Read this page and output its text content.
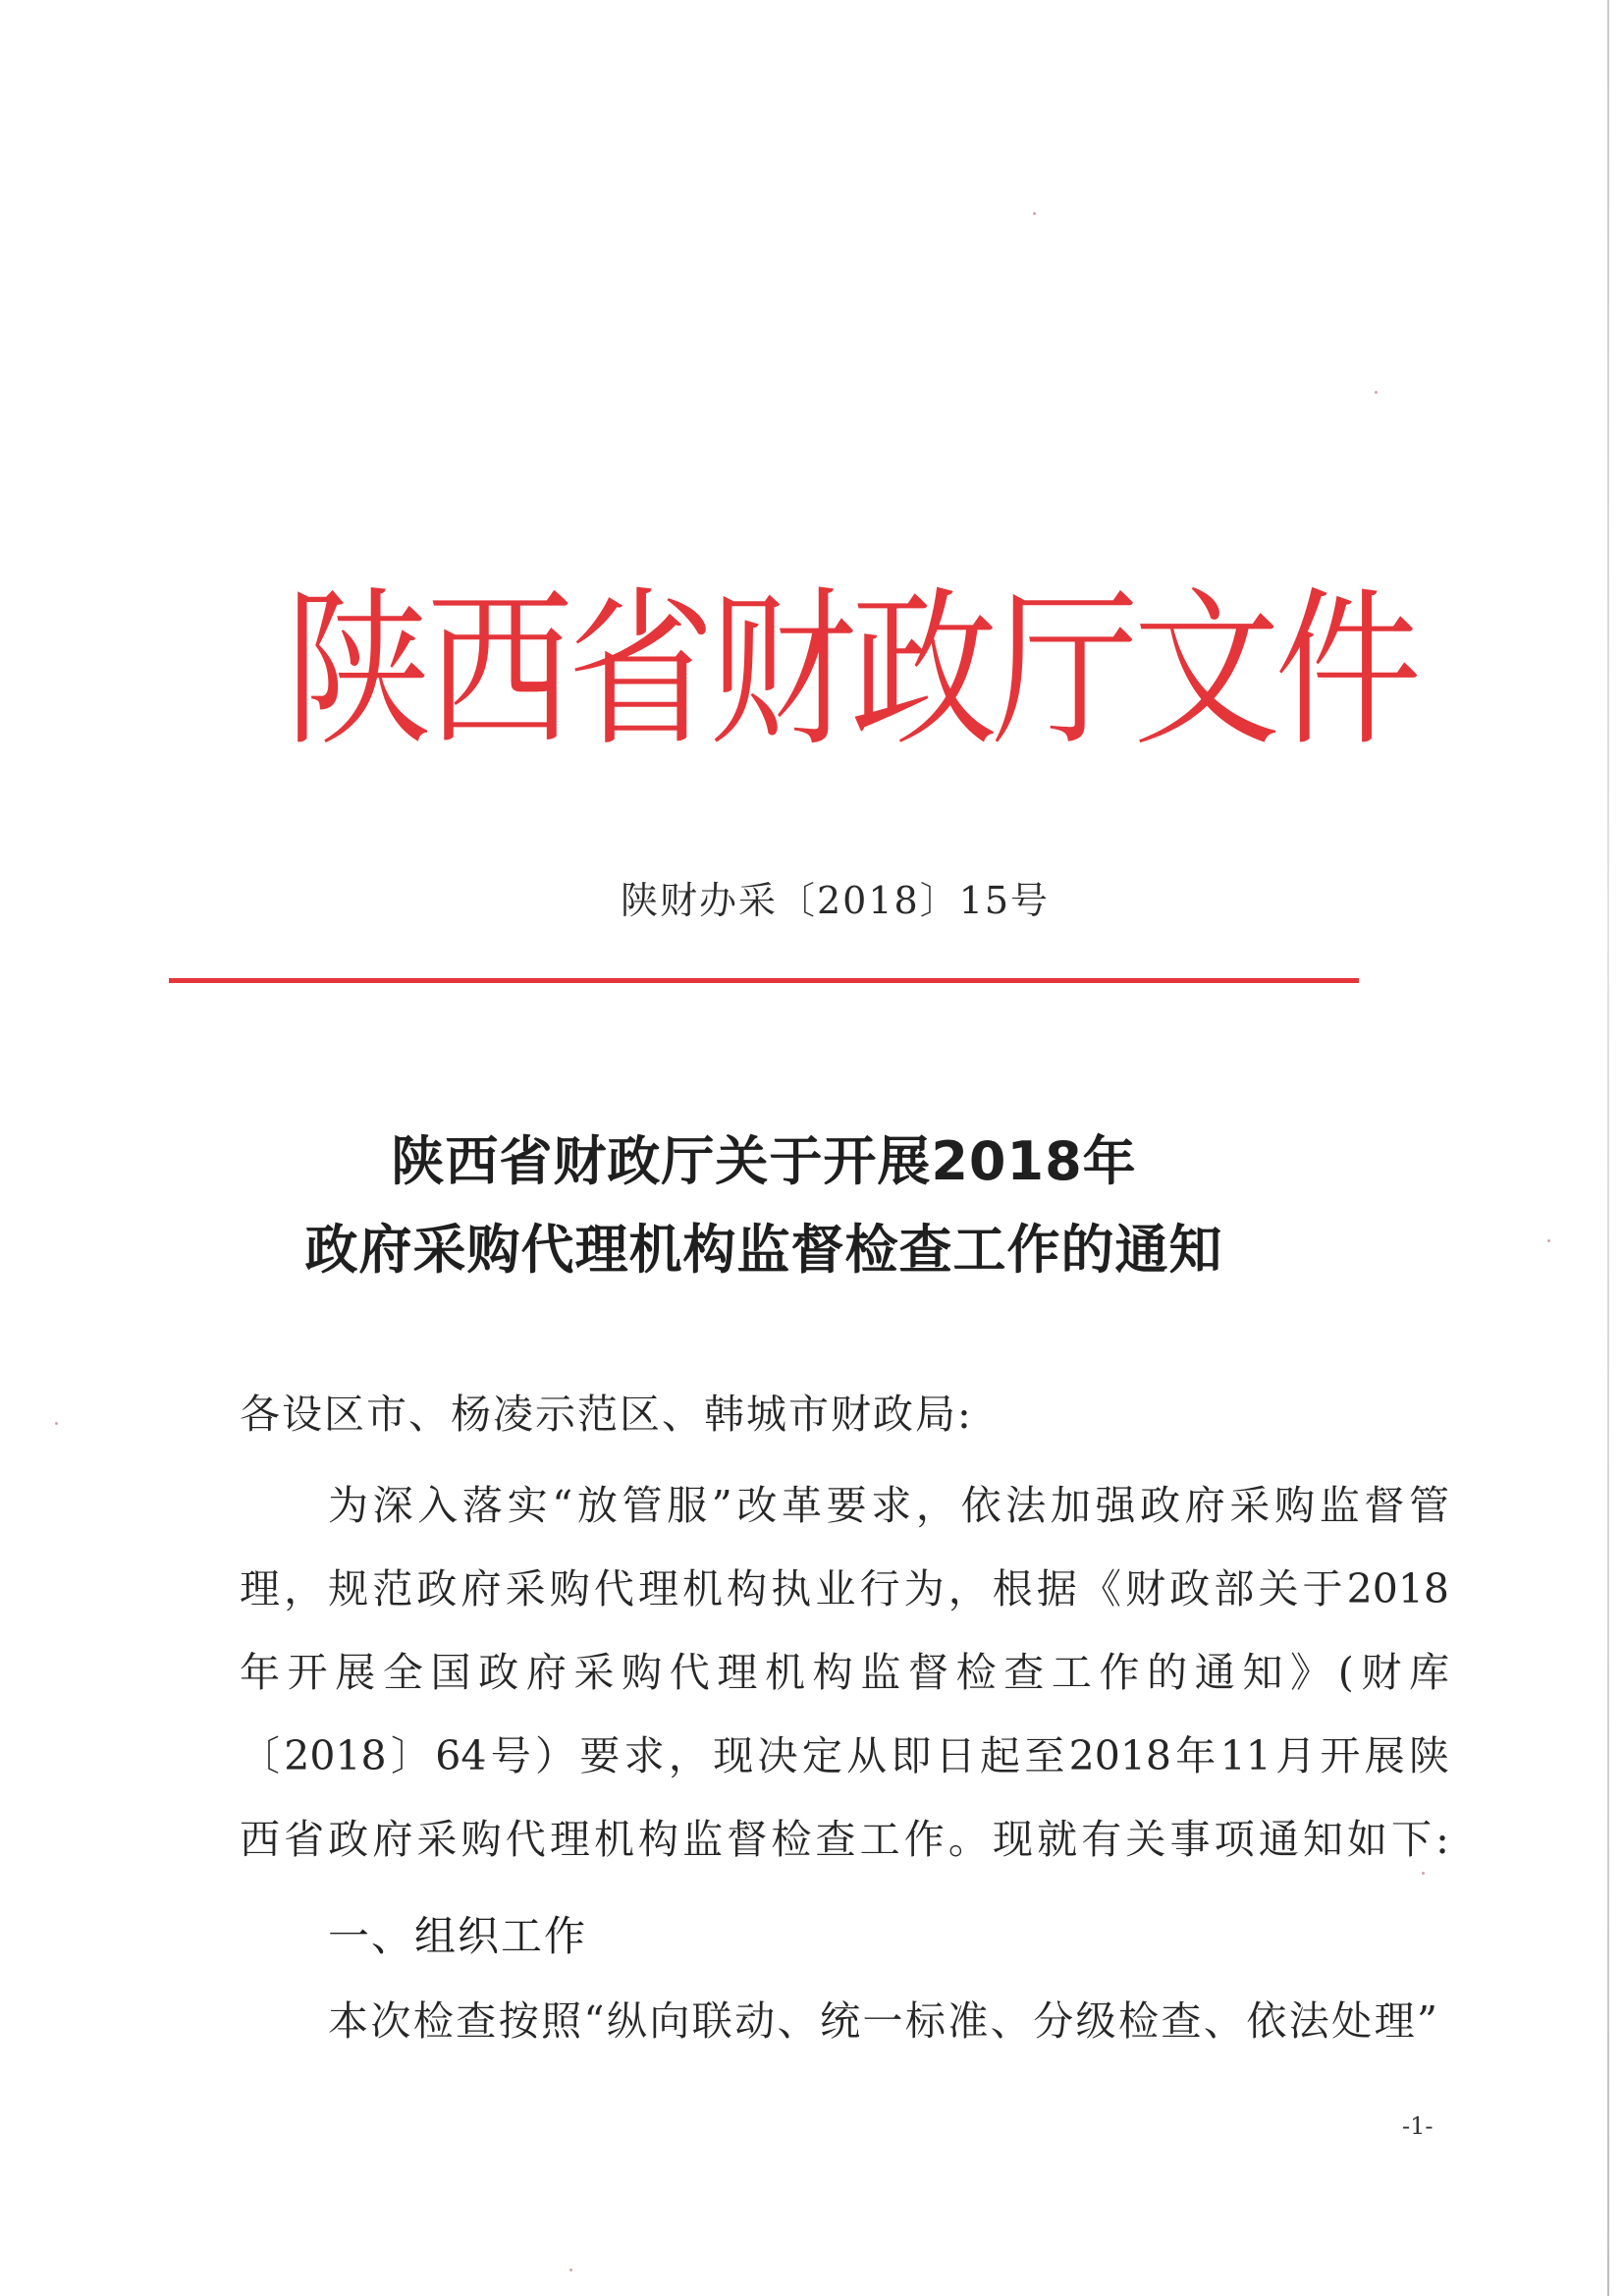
陕西省财政厅文件
陕财办采〔2018〕15号
陕西省财政厅关于开展2018年
政府采购代理机构监督检查工作的通知
各设区市、杨凌示范区、韩城市财政局:
为深入落实“放管服”改革要求，依法加强政府采购监督管
理，规范政府采购代理机构执业行为，根据《财政部关于2018
年开展全国政府采购代理机构监督检查工作的通知》(财库
〔2018〕64号）要求，现决定从即日起至2018年11月开展陕
西省政府采购代理机构监督检查工作。现就有关事项通知如下:
一、组织工作
本次检查按照“纵向联动、统一标准、分级检查、依法处理”
-1-
